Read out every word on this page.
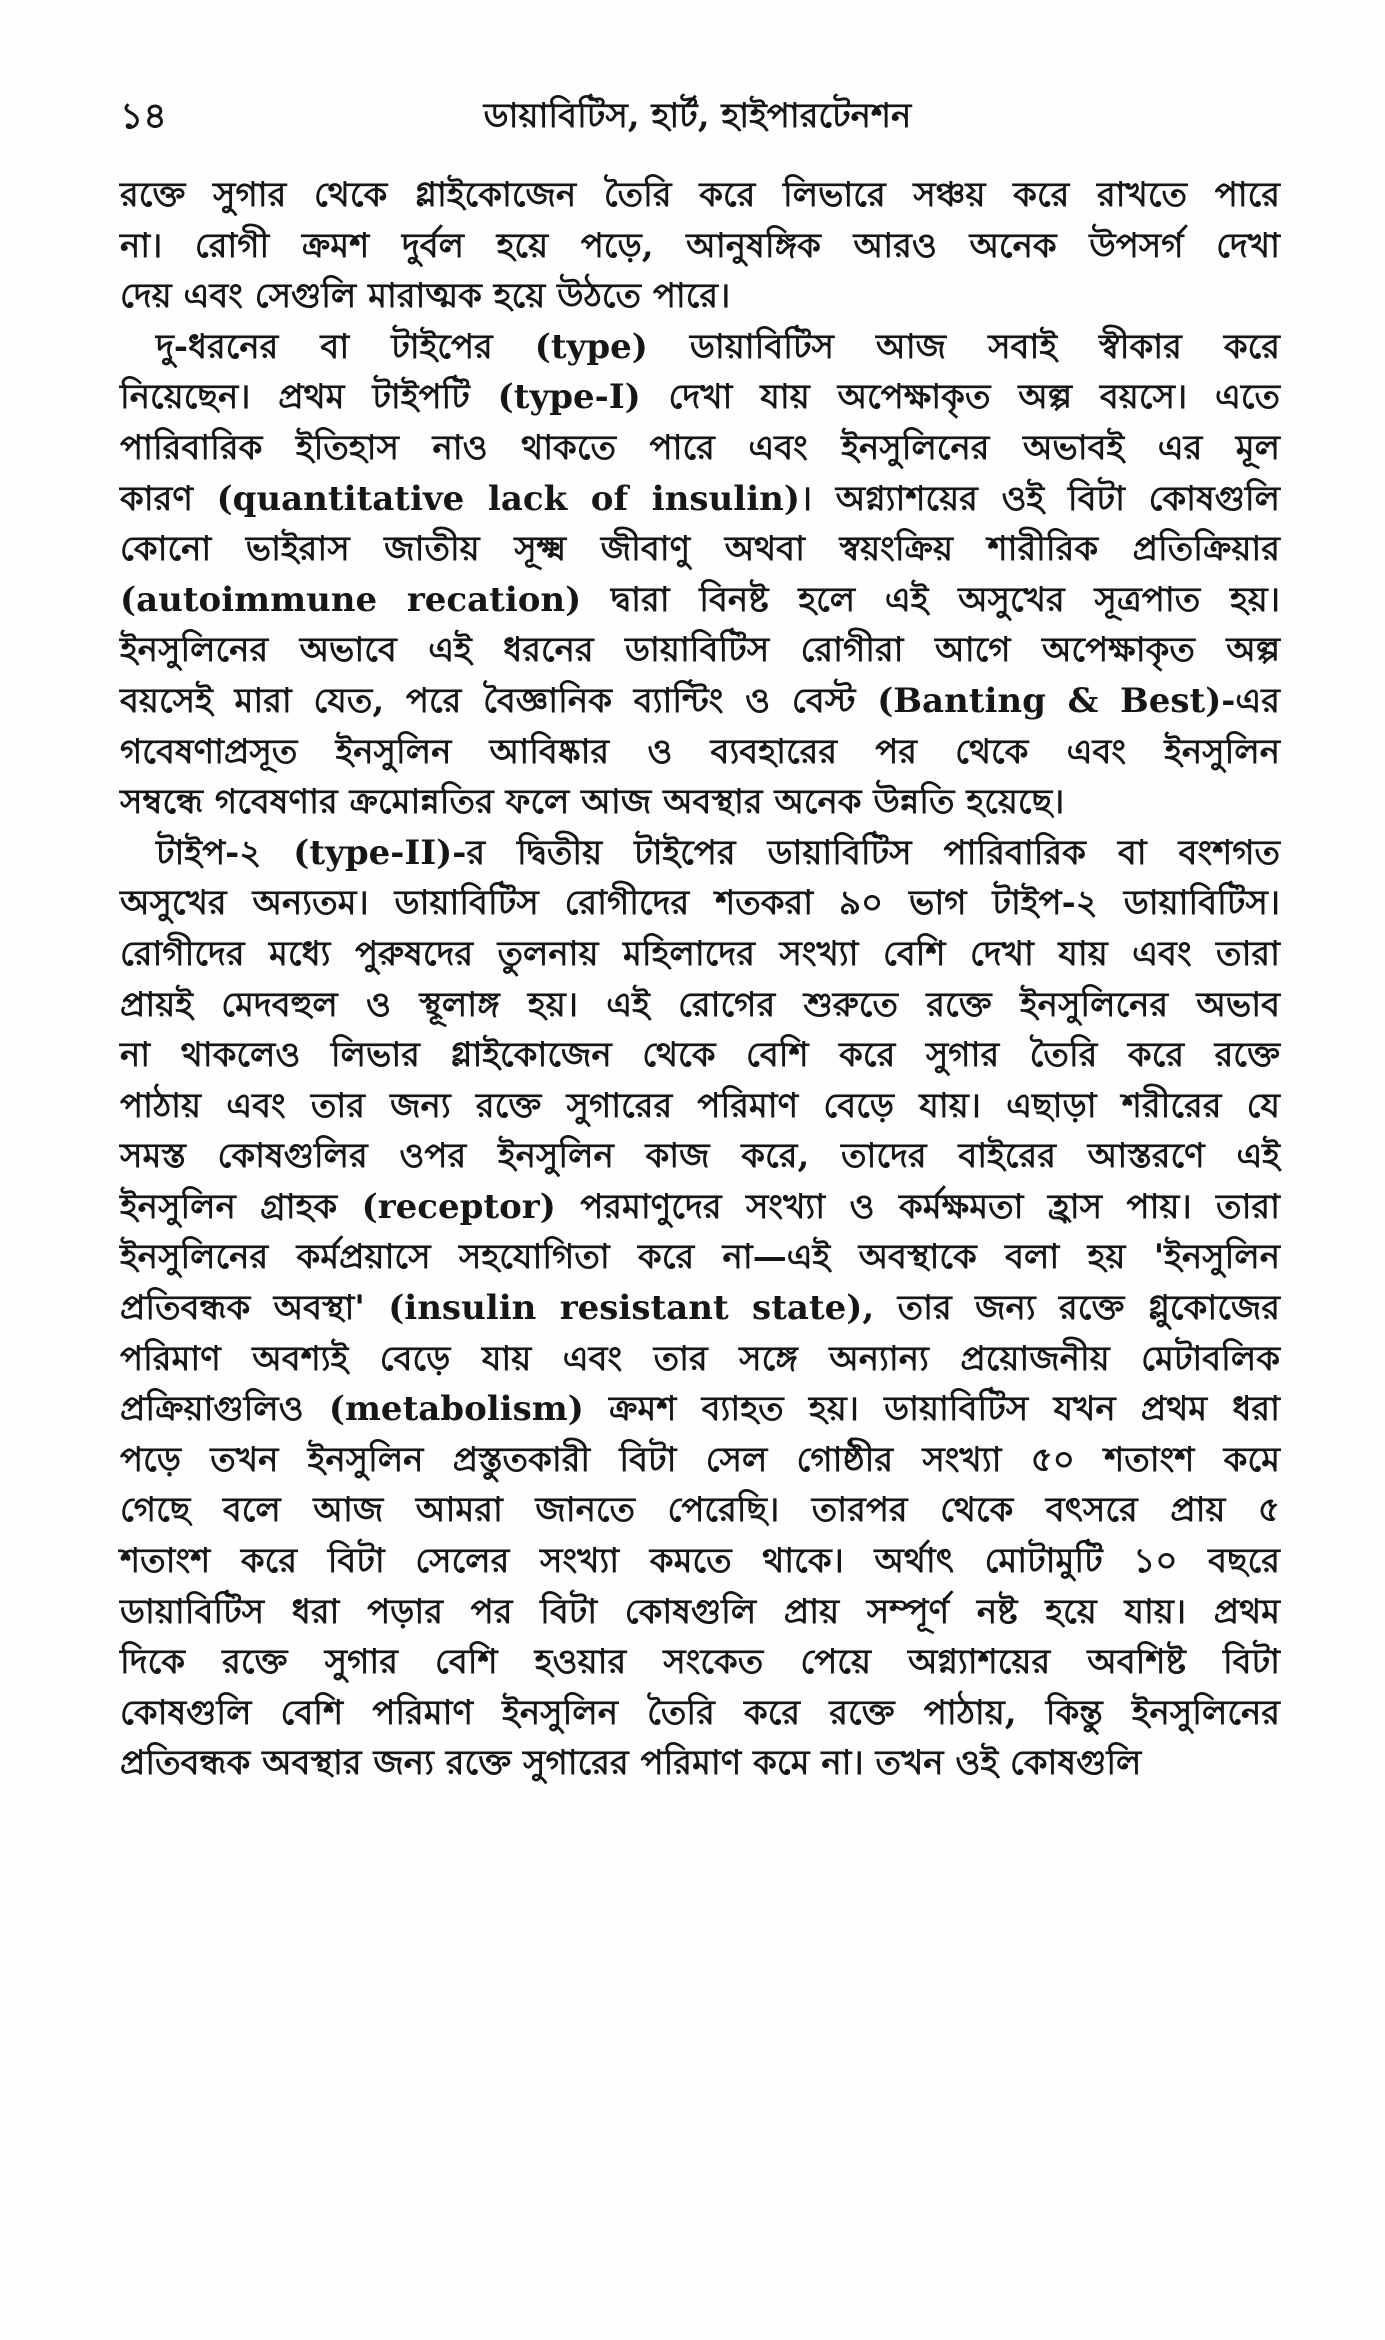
১৪	ডায়াবিটিস, হার্ট, হাইপারটেনশন

রক্তে সুগার থেকে গ্লাইকোজেন তৈরি করে লিভারে সঞ্চয় করে রাখতে পারে
না। রোগী ক্রমশ দুর্বল হয়ে পড়ে, আনুষঙ্গিক আরও অনেক উপসর্গ দেখা
দেয় এবং সেগুলি মারাত্মক হয়ে উঠতে পারে।

দু-ধরনের বা টাইপের (type) ডায়াবিটিস আজ সবাই স্বীকার করে
নিয়েছেন। প্রথম টাইপটি (type-I) দেখা যায় অপেক্ষাকৃত অল্প বয়সে। এতে
পারিবারিক ইতিহাস নাও থাকতে পারে এবং ইনসুলিনের অভাবই এর মূল
কারণ (quantitative lack of insulin)। অগ্ন্যাশয়ের ওই বিটা কোষগুলি
কোনো ভাইরাস জাতীয় সূক্ষ্ম জীবাণু অথবা স্বয়ংক্রিয় শারীরিক প্রতিক্রিয়ার
(autoimmune recation) দ্বারা বিনষ্ট হলে এই অসুখের সূত্রপাত হয়।
ইনসুলিনের অভাবে এই ধরনের ডায়াবিটিস রোগীরা আগে অপেক্ষাকৃত অল্প
বয়সেই মারা যেত, পরে বৈজ্ঞানিক ব্যান্টিং ও বেস্ট (Banting & Best)-এর
গবেষণাপ্রসূত ইনসুলিন আবিষ্কার ও ব্যবহারের পর থেকে এবং ইনসুলিন
সম্বন্ধে গবেষণার ক্রমোন্নতির ফলে আজ অবস্থার অনেক উন্নতি হয়েছে।

টাইপ-২ (type-II)-র দ্বিতীয় টাইপের ডায়াবিটিস পারিবারিক বা বংশগত
অসুখের অন্যতম। ডায়াবিটিস রোগীদের শতকরা ৯০ ভাগ টাইপ-২ ডায়াবিটিস।
রোগীদের মধ্যে পুরুষদের তুলনায় মহিলাদের সংখ্যা বেশি দেখা যায় এবং তারা
প্রায়ই মেদবহুল ও স্থূলাঙ্গ হয়। এই রোগের শুরুতে রক্তে ইনসুলিনের অভাব
না থাকলেও লিভার গ্লাইকোজেন থেকে বেশি করে সুগার তৈরি করে রক্তে
পাঠায় এবং তার জন্য রক্তে সুগারের পরিমাণ বেড়ে যায়। এছাড়া শরীরের যে
সমস্ত কোষগুলির ওপর ইনসুলিন কাজ করে, তাদের বাইরের আস্তরণে এই
ইনসুলিন গ্রাহক (receptor) পরমাণুদের সংখ্যা ও কর্মক্ষমতা হ্রাস পায়। তারা
ইনসুলিনের কর্মপ্রয়াসে সহযোগিতা করে না—এই অবস্থাকে বলা হয় 'ইনসুলিন
প্রতিবন্ধক অবস্থা' (insulin resistant state), তার জন্য রক্তে গ্লুকোজের
পরিমাণ অবশ্যই বেড়ে যায় এবং তার সঙ্গে অন্যান্য প্রয়োজনীয় মেটাবলিক
প্রক্রিয়াগুলিও (metabolism) ক্রমশ ব্যাহত হয়। ডায়াবিটিস যখন প্রথম ধরা
পড়ে তখন ইনসুলিন প্রস্তুতকারী বিটা সেল গোষ্ঠীর সংখ্যা ৫০ শতাংশ কমে
গেছে বলে আজ আমরা জানতে পেরেছি। তারপর থেকে বৎসরে প্রায় ৫
শতাংশ করে বিটা সেলের সংখ্যা কমতে থাকে। অর্থাৎ মোটামুটি ১০ বছরে
ডায়াবিটিস ধরা পড়ার পর বিটা কোষগুলি প্রায় সম্পূর্ণ নষ্ট হয়ে যায়। প্রথম
দিকে রক্তে সুগার বেশি হওয়ার সংকেত পেয়ে অগ্ন্যাশয়ের অবশিষ্ট বিটা
কোষগুলি বেশি পরিমাণ ইনসুলিন তৈরি করে রক্তে পাঠায়, কিন্তু ইনসুলিনের
প্রতিবন্ধক অবস্থার জন্য রক্তে সুগারের পরিমাণ কমে না। তখন ওই কোষগুলি
